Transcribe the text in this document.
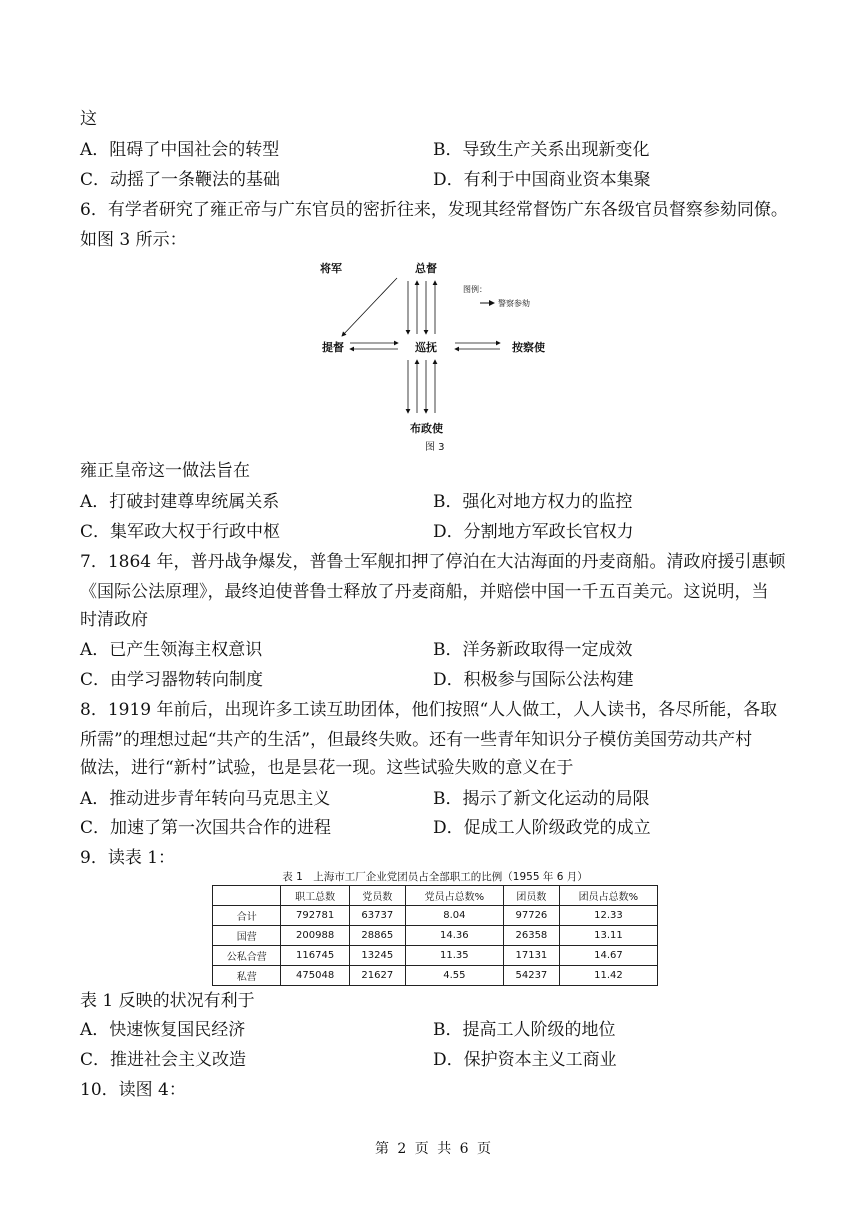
这
A．阻碍了中国社会的转型	B．导致生产关系出现新变化
C．动摇了一条鞭法的基础	D．有利于中国商业资本集聚
6．有学者研究了雍正帝与广东官员的密折往来，发现其经常督饬广东各级官员督察参劾同僚。
如图 3 所示：
将军	总督
提督	巡抚	按察使
布政使
图例：
警察参劾
图 3
雍正皇帝这一做法旨在
A．打破封建尊卑统属关系	B．强化对地方权力的监控
C．集军政大权于行政中枢	D．分割地方军政长官权力
7．1864 年，普丹战争爆发，普鲁士军舰扣押了停泊在大沽海面的丹麦商船。清政府援引惠顿
《国际公法原理》，最终迫使普鲁士释放了丹麦商船，并赔偿中国一千五百美元。这说明，当
时清政府
A．已产生领海主权意识	B．洋务新政取得一定成效
C．由学习器物转向制度	D．积极参与国际公法构建
8．1919 年前后，出现许多工读互助团体，他们按照“人人做工，人人读书，各尽所能，各取
所需”的理想过起“共产的生活”，但最终失败。还有一些青年知识分子模仿美国劳动共产村
做法，进行“新村”试验，也是昙花一现。这些试验失败的意义在于
A．推动进步青年转向马克思主义	B．揭示了新文化运动的局限
C．加速了第一次国共合作的进程	D．促成工人阶级政党的成立
9．读表 1：
表 1　上海市工厂企业党团员占全部职工的比例（1955 年 6 月）
	职工总数	党员数	党员占总数%	团员数	团员占总数%
合计	792781	63737	8.04	97726	12.33
国营	200988	28865	14.36	26358	13.11
公私合营	116745	13245	11.35	17131	14.67
私营	475048	21627	4.55	54237	11.42
表 1 反映的状况有利于
A．快速恢复国民经济	B．提高工人阶级的地位
C．推进社会主义改造	D．保护资本主义工商业
10．读图 4：
第 2 页 共 6 页
